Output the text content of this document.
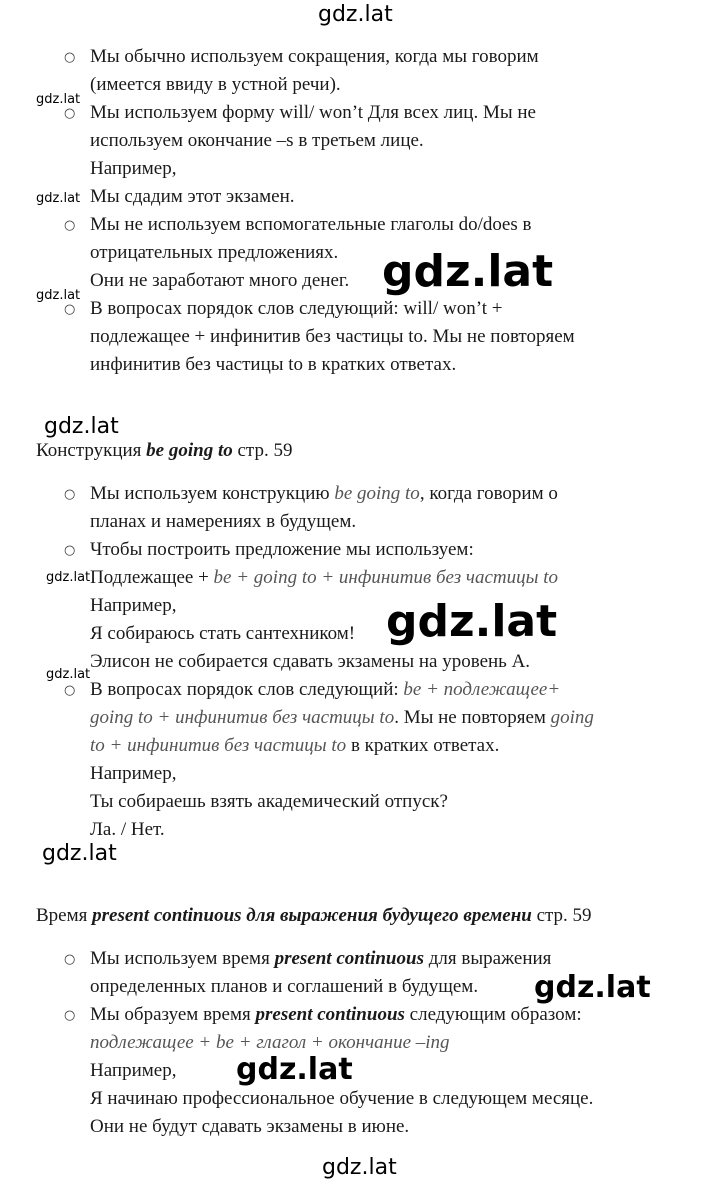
gdz.lat
gdz.lat
gdz.lat
gdz.lat
gdz.lat
gdz.lat
gdz.lat
gdz.lat
gdz.lat
○ Мы обычно используем сокращения, когда мы говорим
(имеется ввиду в устной речи).
○ Мы используем форму will/ won’t Для всех лиц. Мы не
используем окончание –s в третьем лице.
Например,
Мы сдадим этот экзамен.
○ Мы не используем вспомогательные глаголы do/does в
отрицательных предложениях.
Они не заработают много денег.
○ В вопросах порядок слов следующий: will/ won’t +
подлежащее + инфинитив без частицы to. Мы не повторяем
инфинитив без частицы to в кратких ответах.
gdz.lat
Конструкция be going to стр. 59
○ Мы используем конструкцию be going to, когда говорим о
планах и намерениях в будущем.
○ Чтобы построить предложение мы используем:
Подлежащее + be + going to + инфинитив без частицы to
Например,
Я собираюсь стать сантехником!
Элисон не собирается сдавать экзамены на уровень А.
○ В вопросах порядок слов следующий: be + подлежащее+
going to + инфинитив без частицы to. Мы не повторяем going
to + инфинитив без частицы to в кратких ответах.
Например,
Ты собираешь взять академический отпуск?
Ла. / Нет.
gdz.lat
Время present continuous для выражения будущего времени стр. 59
○ Мы используем время present continuous для выражения
определенных планов и соглашений в будущем.
○ Мы образуем время present continuous следующим образом:
подлежащее + be + глагол + окончание –ing
Например,
Я начинаю профессиональное обучение в следующем месяце.
Они не будут сдавать экзамены в июне.
gdz.lat
gdz.lat
